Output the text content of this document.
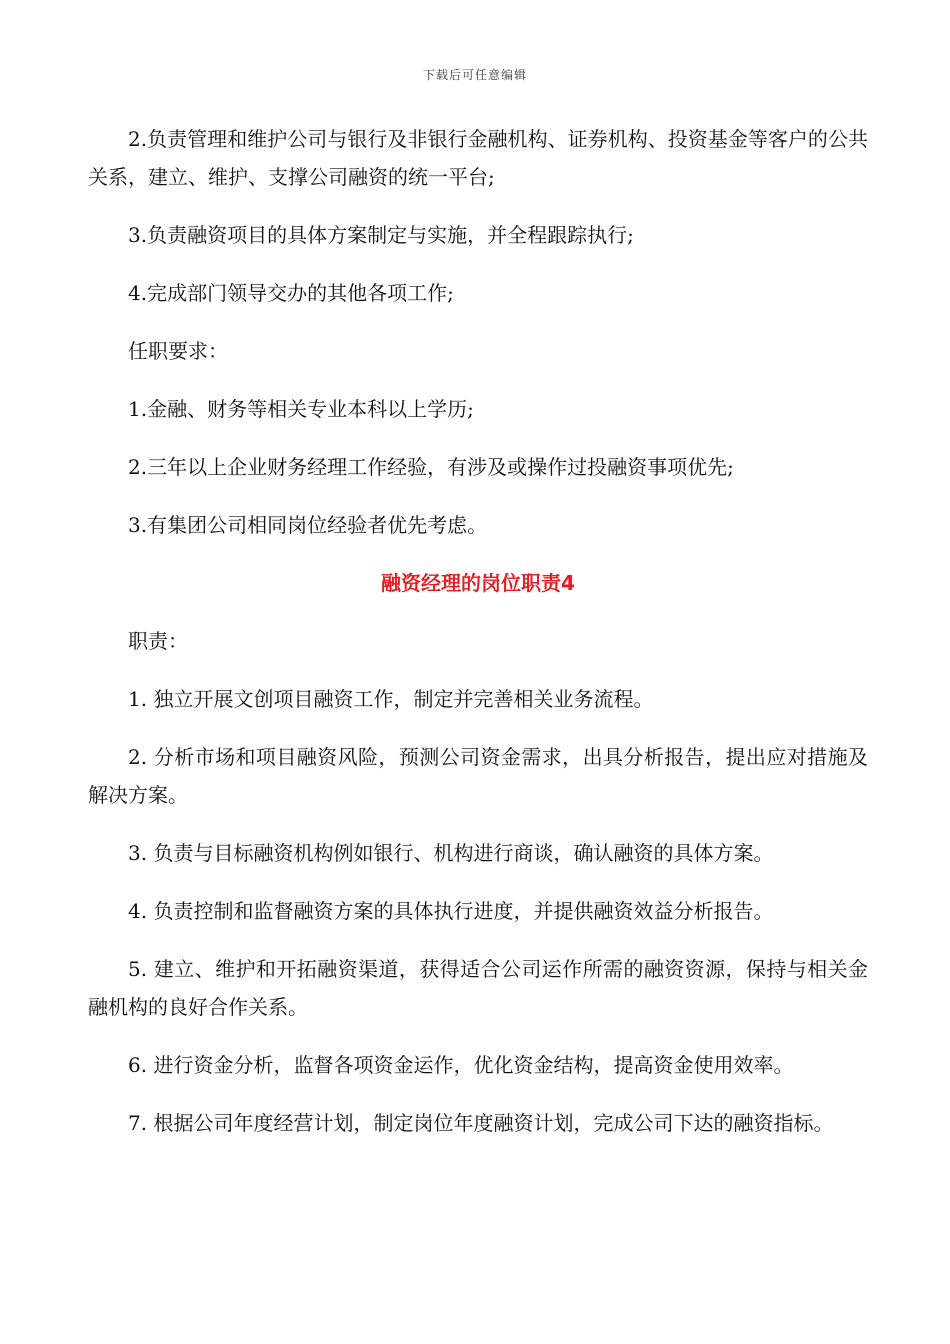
下载后可任意编辑

2.负责管理和维护公司与银行及非银行金融机构、证券机构、投资基金等客户的公共关系，建立、维护、支撑公司融资的统一平台;

3.负责融资项目的具体方案制定与实施，并全程跟踪执行;

4.完成部门领导交办的其他各项工作;

任职要求：

1.金融、财务等相关专业本科以上学历;

2.三年以上企业财务经理工作经验，有涉及或操作过投融资事项优先;

3.有集团公司相同岗位经验者优先考虑。

融资经理的岗位职责4

职责：

1. 独立开展文创项目融资工作，制定并完善相关业务流程。

2. 分析市场和项目融资风险，预测公司资金需求，出具分析报告，提出应对措施及解决方案。

3. 负责与目标融资机构例如银行、机构进行商谈，确认融资的具体方案。

4. 负责控制和监督融资方案的具体执行进度，并提供融资效益分析报告。

5. 建立、维护和开拓融资渠道，获得适合公司运作所需的融资资源，保持与相关金融机构的良好合作关系。

6. 进行资金分析，监督各项资金运作，优化资金结构，提高资金使用效率。

7. 根据公司年度经营计划，制定岗位年度融资计划，完成公司下达的融资指标。
